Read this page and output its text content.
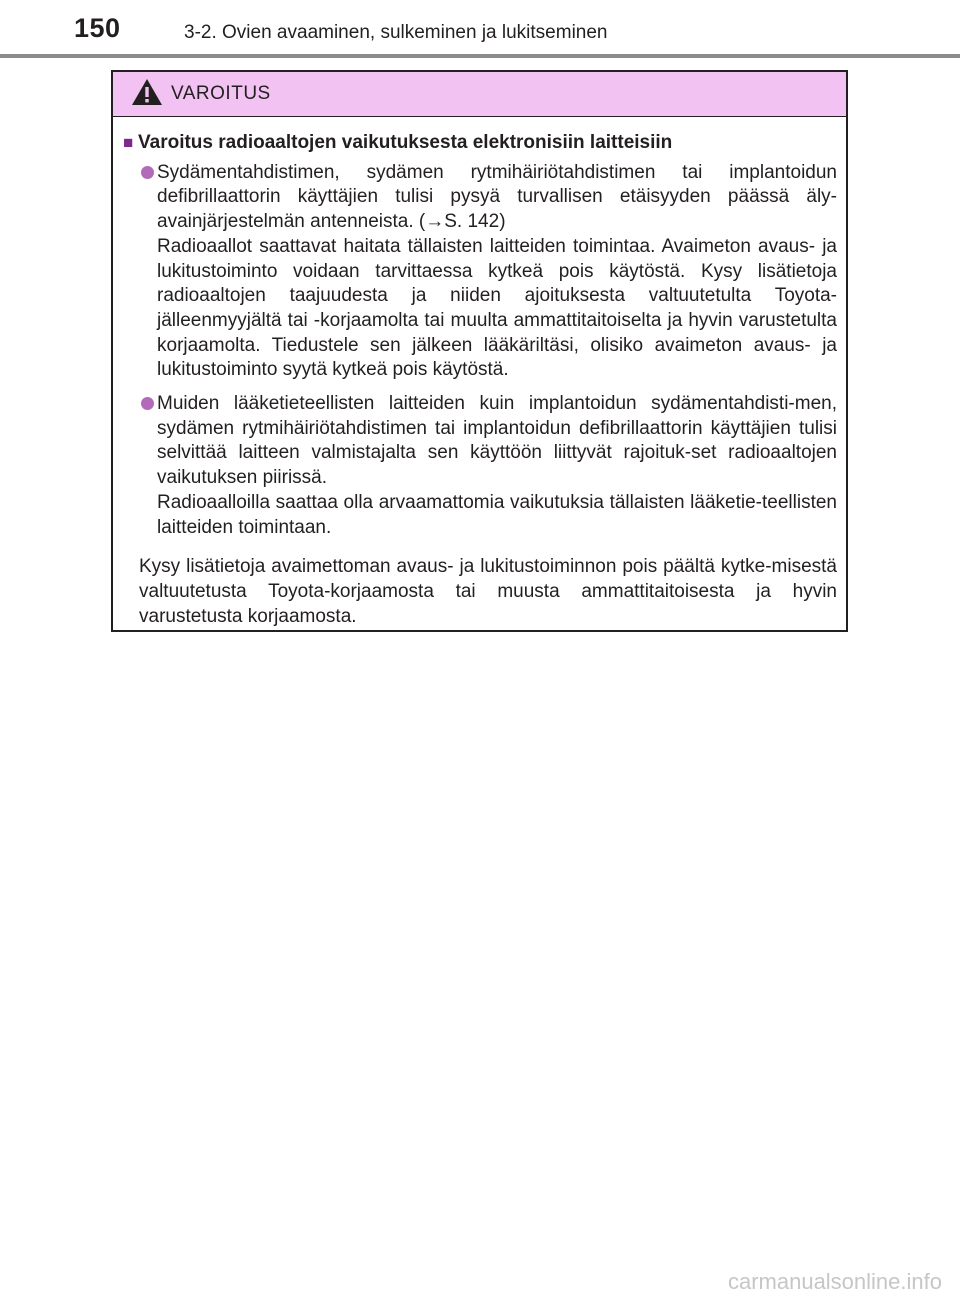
150	3-2. Ovien avaaminen, sulkeminen ja lukitseminen
VAROITUS
■ Varoitus radioaaltojen vaikutuksesta elektronisiin laitteisiin

Sydämentahdistimen, sydämen rytmihäiriötahdistimen tai implantoidun defibrillaattorin käyttäjien tulisi pysyä turvallisen etäisyyden päässä äly-avainjärjestelmän antenneista. (→S. 142)

Radioaallot saattavat haitata tällaisten laitteiden toimintaa. Avaimeton avaus- ja lukitustoiminto voidaan tarvittaessa kytkeä pois käytöstä. Kysy lisätietoja radioaaltojen taajuudesta ja niiden ajoituksesta valtuutetulta Toyota-jälleenmyyjältä tai -korjaamolta tai muulta ammattitaitoiselta ja hyvin varustetulta korjaamolta. Tiedustele sen jälkeen lääkäriltäsi, olisiko avaimeton avaus- ja lukitustoiminto syytä kytkeä pois käytöstä.

Muiden lääketieteellisten laitteiden kuin implantoidun sydämentahdisti-men, sydämen rytmihäiriötahdistimen tai implantoidun defibrillaattorin käyttäjien tulisi selvittää laitteen valmistajalta sen käyttöön liittyvät rajoituk-set radioaaltojen vaikutuksen piirissä.

Radioaalloilla saattaa olla arvaamattomia vaikutuksia tällaisten lääketie-teellisten laitteiden toimintaan.

Kysy lisätietoja avaimettoman avaus- ja lukitustoiminnon pois päältä kytke-misestä valtuutetusta Toyota-korjaamosta tai muusta ammattitaitoisesta ja hyvin varustetusta korjaamosta.

carmanualsonline.info
